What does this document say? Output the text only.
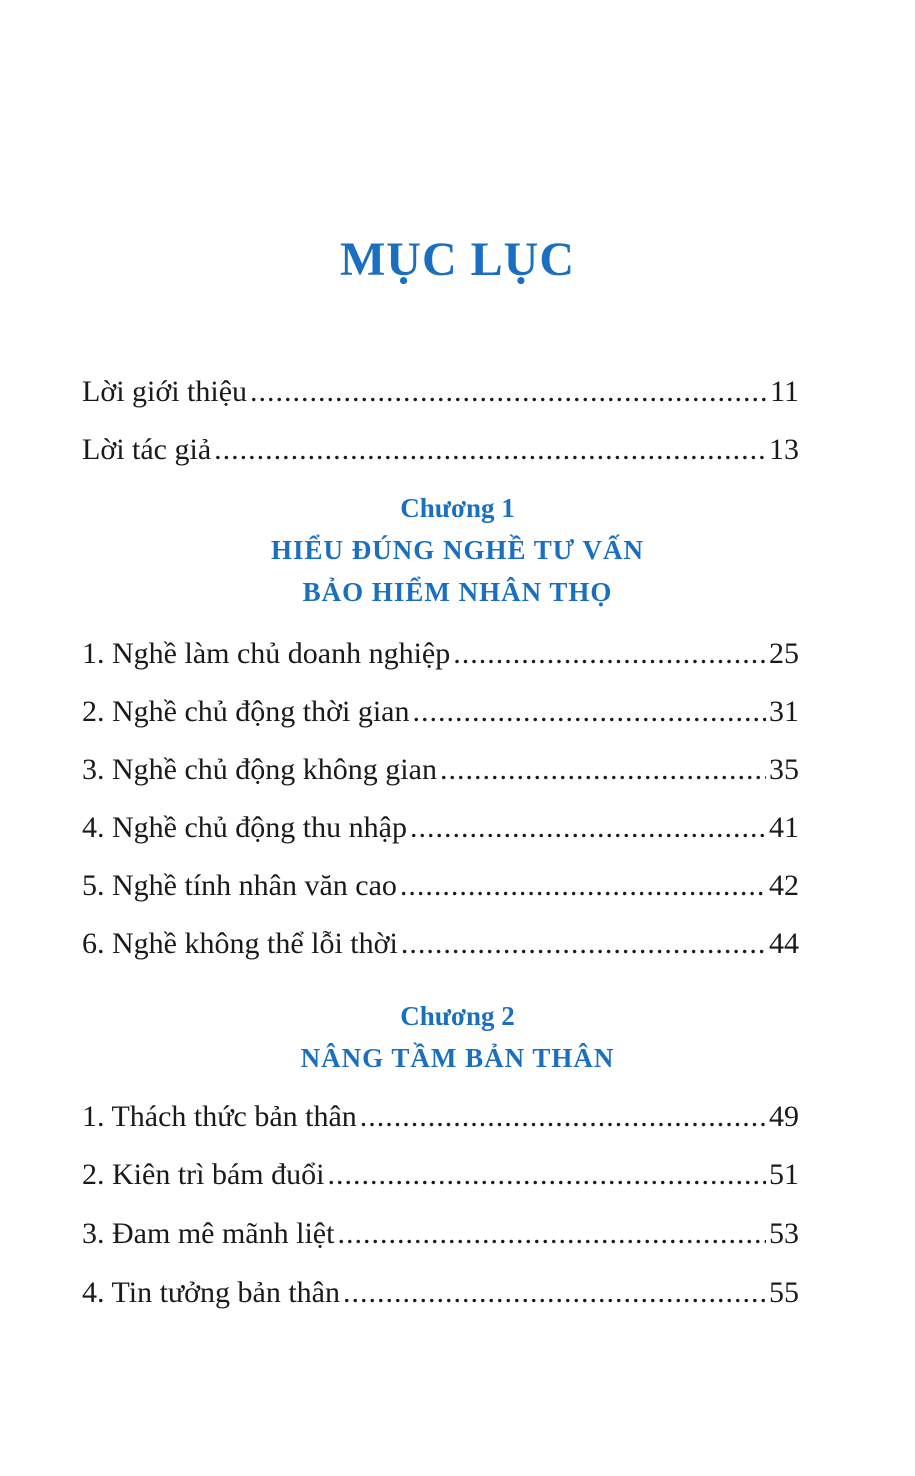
MỤC LỤC
Lời giới thiệu .....	11
Lời tác giả .....	13
Chương 1
HIỂU ĐÚNG NGHỀ TƯ VẤN
BẢO HIỂM NHÂN THỌ
1. Nghề làm chủ doanh nghiệp .....	25
2. Nghề chủ động thời gian .....	31
3. Nghề chủ động không gian .....	35
4. Nghề chủ động thu nhập .....	41
5. Nghề tính nhân văn cao .....	42
6. Nghề không thể lỗi thời .....	44
Chương 2
NÂNG TẦM BẢN THÂN
1. Thách thức bản thân .....	49
2. Kiên trì bám đuổi .....	51
3. Đam mê mãnh liệt .....	53
4. Tin tưởng bản thân .....	55
